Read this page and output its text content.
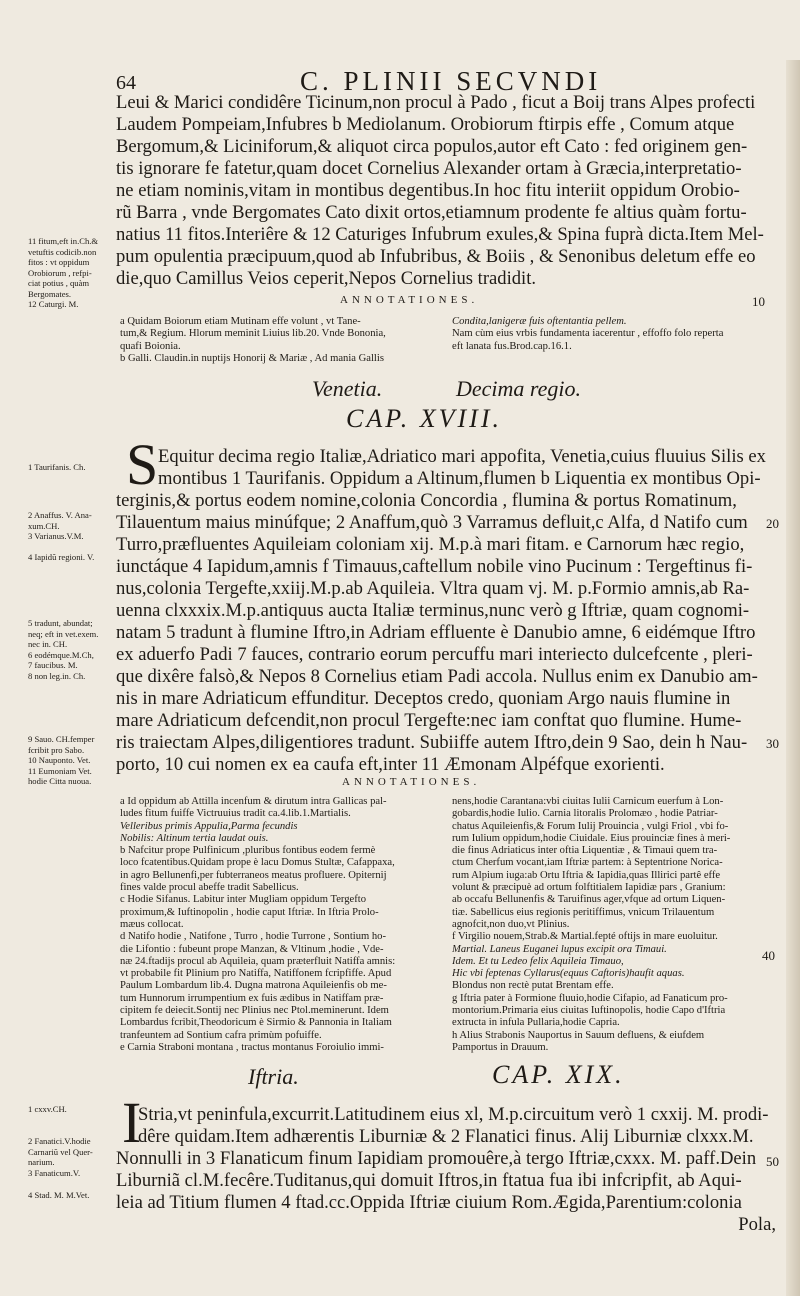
64	C. PLINII SECVNDI
Leui & Marici condidêre Ticinum,non procul à Pado , ficut a Boij trans Alpes profecti
Laudem Pompeiam,Infubres b Mediolanum. Orobiorum ftirpis effe , Comum atque
Bergomum,& Liciniforum,& aliquot circa populos,autor eft Cato : fed originem gen-
tis ignorare fe fatetur,quam docet Cornelius Alexander ortam à Græcia,interpretatio-
ne etiam nominis,vitam in montibus degentibus.In hoc fitu interiit oppidum Orobio-
rũ Barra , vnde Bergomates Cato dixit ortos,etiamnum prodente fe altius quàm fortu-
natius 11 fitos.Interiêre & 12 Caturiges Infubrum exules,& Spina fuprà dicta.Item Mel-
pum opulentia præcipuum,quod ab Infubribus, & Boiis , & Senonibus deletum effe eo
die,quo Camillus Veios ceperit,Nepos Cornelius tradidit.
11 fitum,eft in.Ch.&
vetuftis codicib.non
fitos : vt oppidum
Orobiorum , refpi-
ciat potius , quàm
Bergomates.
12 Caturgi. M.	ANNOTATIONES.	10
a Quidam Boiorum etiam Mutinam effe volunt , vt Tane-
tum,& Regium. Hlorum meminit Liuius lib.20. Vnde Bononia,
quafi Boionia.
b Galli. Claudin.in nuptijs Honorij & Mariæ , Ad mania Gallis
Condita,lanigeræ fuis oftentantia pellem.
Nam cùm eius vrbis fundamenta iacerentur , effoffo folo reperta
eft lanata fus.Brod.cap.16.1.
Venetia.	Decima regio.
CAP. XVIII.
S Equitur decima regio Italiæ,Adriatico mari appofita, Venetia,cuius fluuius Silis ex
montibus 1 Taurifanis. Oppidum a Altinum,flumen b Liquentia ex montibus Opi-
terginis,& portus eodem nomine,colonia Concordia , flumina & portus Romatinum,
Tilauentum maius minúfque; 2 Anaffum,quò 3 Varramus defluit,c Alfa, d Natifo cum
Turro,præfluentes Aquileiam coloniam xij. M.p.à mari fitam. e Carnorum hæc regio,
iunctáque 4 Iapidum,amnis f Timauus,caftellum nobile vino Pucinum : Tergeftinus fi-
nus,colonia Tergefte,xxiij.M.p.ab Aquileia. Vltra quam vj. M. p.Formio amnis,ab Ra-
uenna clxxxix.M.p.antiquus aucta Italiæ terminus,nunc verò g Iftriæ, quam cognomi-
natam 5 tradunt à flumine Iftro,in Adriam effluente è Danubio amne, 6 eidémque Iftro
ex aduerfo Padi 7 fauces, contrario eorum percuffu mari interiecto dulcefcente , pleri-
que dixêre falsò,& Nepos 8 Cornelius etiam Padi accola. Nullus enim ex Danubio am-
nis in mare Adriaticum effunditur. Deceptos credo, quoniam Argo nauis flumine in
mare Adriaticum defcendit,non procul Tergefte:nec iam conftat quo flumine. Hume-
ris traiectam Alpes,diligentiores tradunt. Subiiffe autem Iftro,dein 9 Sao, dein h Nau-
porto, 10 cui nomen ex ea caufa eft,inter 11 Æmonam Alpéfque exorienti.
20
30
1 Taurifanis. Ch.
2 Anaffus. V. Ana-
xum.CH.
3 Varianus.V.M.
4 Iapidũ regioni. V.
5 tradunt, abundat;
neq; eft in vet.exem.
nec in. CH.
6 eodémque.M.Ch,
7 faucibus. M.
8 non leg.in. Ch.
9 Sauo. CH.femper
fcribit pro Sabo.
10 Nauponto. Vet.
11 Eumoniam Vet.
hodie Citta nuoua.	ANNOTATIONES.
40
a Id oppidum ab Attilla incenfum & dirutum intra Gallicas pal-
ludes fitum fuiffe Victruuius tradit ca.4.lib.1.Martialis.
Velleribus primis Appulia,Parma fecundis
Nobilis: Altinum tertia laudat ouis.
b Nafcitur prope Pulfinicum ,pluribus fontibus eodem fermè
loco fcatentibus.Quidam prope è lacu Domus Stultæ, Cafappaxa,
in agro Bellunenfi,per fubterraneos meatus profluere. Opiternij
fines valde procul abeffe tradit Sabellicus.
c Hodie Sifanus. Labitur inter Mugliam oppidum Tergefto
proximum,& Iuftinopolin , hodie caput Iftriæ. In Iftria Prolo-
mæus collocat.
d Natifo hodie , Natifone , Turro , hodie Turrone , Sontium ho-
die Lifontio : fubeunt prope Manzan, & Vltinum ,hodie , Vde-
næ 24.ftadijs procul ab Aquileia, quam præterfluit Natiffa amnis:
vt probabile fit Plinium pro Natiffa, Natiffonem fcripfiffe. Apud
Paulum Lombardum lib.4. Dugna matrona Aquileienfis ob me-
tum Hunnorum irrumpentium ex fuis ædibus in Natiffam præ-
cipitem fe deiecit.Sontij nec Plinius nec Ptol.meminerunt. Idem
Lombardus fcribit,Theodoricum è Sirmio & Pannonia in Italiam
tranfeuntem ad Sontium cafra primùm pofuiffe.
e Carnia Straboni montana , tractus montanus Foroiulio immi-
nens,hodie Carantana:vbi ciuitas Iulii Carnicum euerfum à Lon-
gobardis,hodie Iulio. Carnia litoralis Prolomæo , hodie Patriar-
chatus Aquileienfis,& Forum Iulij Prouincia , vulgi Friol , vbi fo-
rum Iulium oppidum,hodie Ciuidale. Eius prouinciæ fines à meri-
die finus Adriaticus inter oftia Liquentiæ , & Timaui quem tra-
ctum Cherfum vocant,iam Iftriæ partem: à Septentrione Norica-
rum Alpium iuga:ab Ortu Iftria & Iapidia,quas Illirici partê effe
volunt & præcipuè ad ortum folftitialem Iapidiæ pars , Granium:
ab occafu Bellunenfis & Taruifinus ager,vfque ad ortum Liquen-
tiæ. Sabellicus eius regionis peritiffimus, vnicum Trilauentum
agnofcit,non duo,vt Plinius.
f Virgilio nouem,Strab.& Martial.fepté oftijs in mare euoluitur.
Martial. Laneus Euganei lupus excipit ora Timaui.
Idem. Et tu Ledeo felix Aquileia Timauo,
Hic vbi feptenas Cyllarus(equus Caftoris)haufit aquas.
Blondus non rectè putat Brentam effe.
g Iftria pater à Formione fluuio,hodie Cifapio, ad Fanaticum pro-
montorium.Primaria eius ciuitas Iuftinopolis, hodie Capo d'Iftria
extructa in infula Pullaria,hodie Capria.
h Alius Strabonis Nauportus in Sauum defluens, & eiufdem
Pamportus in Drauum.
Iftria.	CAP. XIX.
I
Stria,vt peninfula,excurrit.Latitudinem eius xl, M.p.circuitum verò 1 cxxij. M. prodi-
dêre quidam.Item adhærentis Liburniæ & 2 Flanatici finus. Alij Liburniæ clxxx.M.
Nonnulli in 3 Flanaticum finum Iapidiam promouêre,à tergo Iftriæ,cxxx. M. paff.Dein
Liburniã cl.M.fecêre.Tuditanus,qui domuit Iftros,in ftatua fua ibi infcripfit, ab Aqui-
leia ad Titium flumen 4 ftad.cc.Oppida Iftriæ ciuium Rom.Ægida,Parentium:colonia
Pola,
50
1 cxxv.CH.
2 Fanatici.V.hodie
Carnariũ vel Quer-
narium.
3 Fanaticum.V.
4 Stad. M. M.Vet.
